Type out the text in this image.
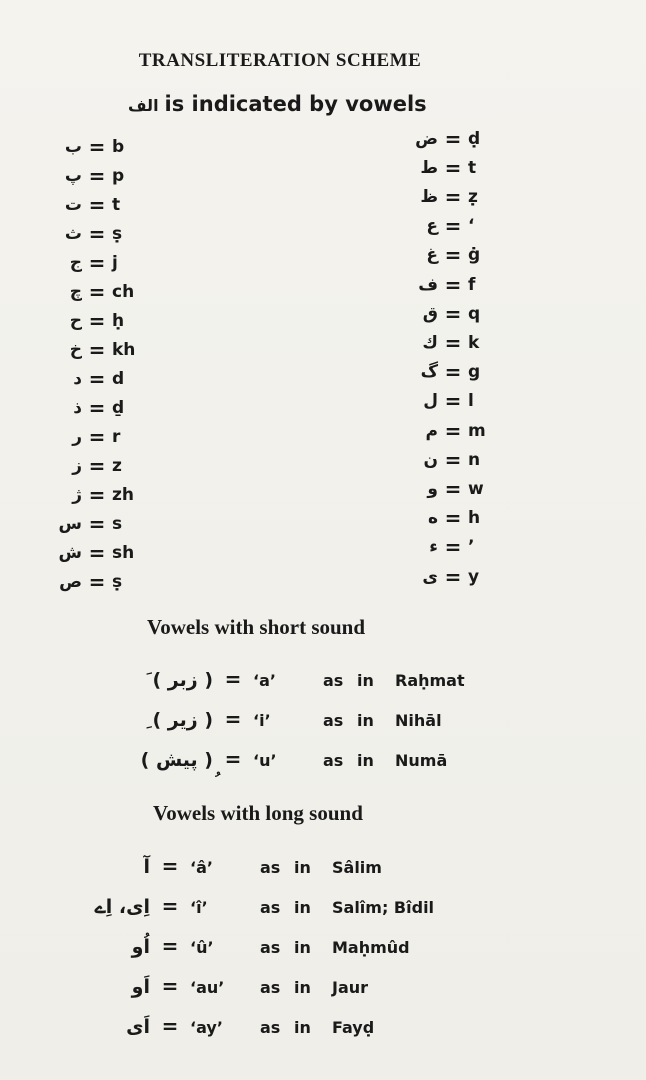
TRANSLITERATION SCHEME
الف is indicated by vowels
ب = b
پ = p
ت = t
ث = ṣ
ج = j
چ = ch
ح = ḥ
خ = kh
د = d
ذ = ḏ
ر = r
ز = z
ژ = zh
س = s
ش = sh
ص = ṣ
ض = ḍ
ط = t
ظ = ẓ
ع = ‘
غ = ġ
ف = f
ق = q
ك = k
گ = g
ل = l
م = m
ن = n
و = w
ه = h
ء = ’
ى = y
Vowels with short sound
( زبر ) َ = ‘a’	as in	Raḥmat
( زير ) ِ = ‘i’	as in	Nihāl
( پيش )	= ‘u’	as in	Numā
Vowels with long sound
آ = ‘â’	as in	Sâlim
اِى، اِے = ‘î’	as in	Salîm; Bîdil
اُو = ‘û’	as in	Maḥmûd
اَو = ‘au’	as in	Jaur
اَى = ‘ay’	as in	Fayḍ
